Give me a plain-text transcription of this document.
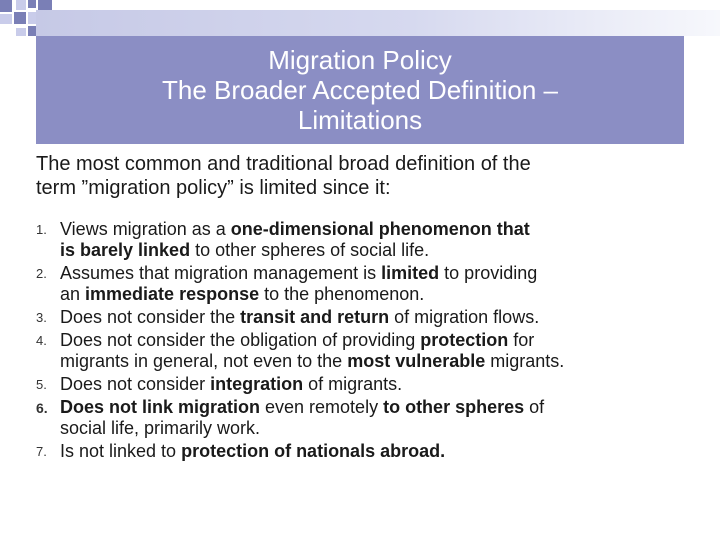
Migration Policy
The Broader Accepted Definition –
Limitations
The most common and traditional broad definition of the
term ”migration policy” is limited since it:
1. Views migration as a one-dimensional phenomenon that
is barely linked to other spheres of social life.
2. Assumes that migration management is limited to providing
an immediate response to the phenomenon.
3. Does not consider the transit and return of migration flows.
4. Does not consider the obligation of providing protection for
migrants in general, not even to the most vulnerable migrants.
5. Does not consider integration of migrants.
6. Does not link migration even remotely to other spheres of
social life, primarily work.
7. Is not linked to protection of nationals abroad.
